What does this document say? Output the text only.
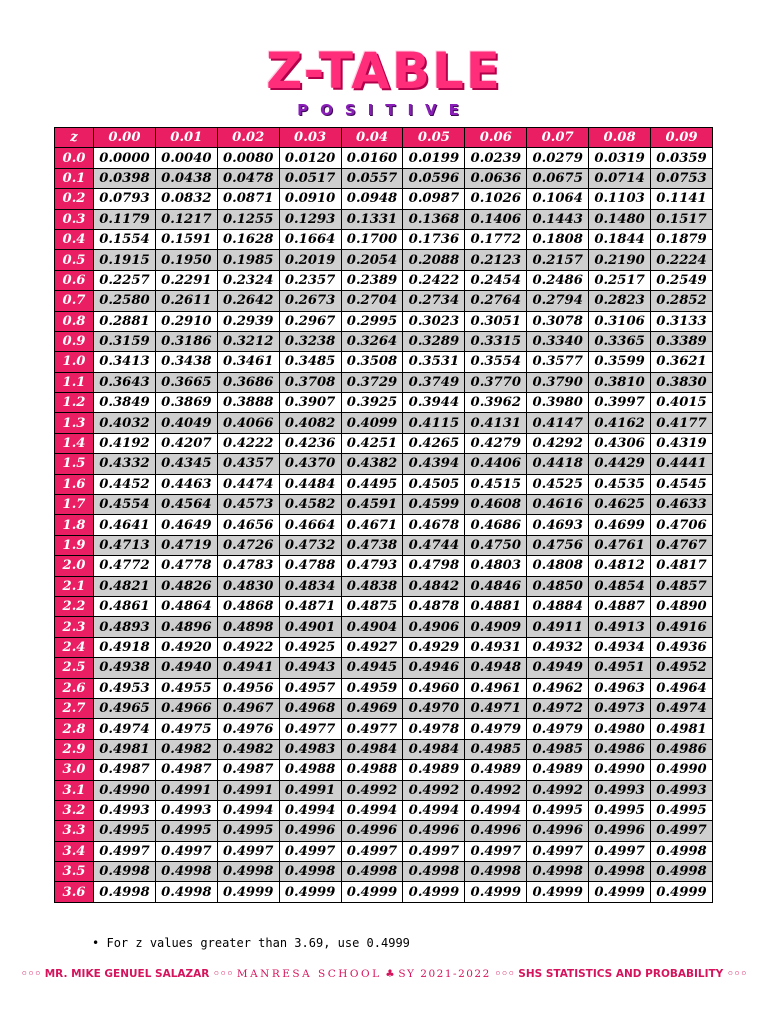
Z-TABLE
POSITIVE
z	0.00	0.01	0.02	0.03	0.04	0.05	0.06	0.07	0.08	0.09
0.0	0.0000	0.0040	0.0080	0.0120	0.0160	0.0199	0.0239	0.0279	0.0319	0.0359
0.1	0.0398	0.0438	0.0478	0.0517	0.0557	0.0596	0.0636	0.0675	0.0714	0.0753
0.2	0.0793	0.0832	0.0871	0.0910	0.0948	0.0987	0.1026	0.1064	0.1103	0.1141
0.3	0.1179	0.1217	0.1255	0.1293	0.1331	0.1368	0.1406	0.1443	0.1480	0.1517
0.4	0.1554	0.1591	0.1628	0.1664	0.1700	0.1736	0.1772	0.1808	0.1844	0.1879
0.5	0.1915	0.1950	0.1985	0.2019	0.2054	0.2088	0.2123	0.2157	0.2190	0.2224
0.6	0.2257	0.2291	0.2324	0.2357	0.2389	0.2422	0.2454	0.2486	0.2517	0.2549
0.7	0.2580	0.2611	0.2642	0.2673	0.2704	0.2734	0.2764	0.2794	0.2823	0.2852
0.8	0.2881	0.2910	0.2939	0.2967	0.2995	0.3023	0.3051	0.3078	0.3106	0.3133
0.9	0.3159	0.3186	0.3212	0.3238	0.3264	0.3289	0.3315	0.3340	0.3365	0.3389
1.0	0.3413	0.3438	0.3461	0.3485	0.3508	0.3531	0.3554	0.3577	0.3599	0.3621
1.1	0.3643	0.3665	0.3686	0.3708	0.3729	0.3749	0.3770	0.3790	0.3810	0.3830
1.2	0.3849	0.3869	0.3888	0.3907	0.3925	0.3944	0.3962	0.3980	0.3997	0.4015
1.3	0.4032	0.4049	0.4066	0.4082	0.4099	0.4115	0.4131	0.4147	0.4162	0.4177
1.4	0.4192	0.4207	0.4222	0.4236	0.4251	0.4265	0.4279	0.4292	0.4306	0.4319
1.5	0.4332	0.4345	0.4357	0.4370	0.4382	0.4394	0.4406	0.4418	0.4429	0.4441
1.6	0.4452	0.4463	0.4474	0.4484	0.4495	0.4505	0.4515	0.4525	0.4535	0.4545
1.7	0.4554	0.4564	0.4573	0.4582	0.4591	0.4599	0.4608	0.4616	0.4625	0.4633
1.8	0.4641	0.4649	0.4656	0.4664	0.4671	0.4678	0.4686	0.4693	0.4699	0.4706
1.9	0.4713	0.4719	0.4726	0.4732	0.4738	0.4744	0.4750	0.4756	0.4761	0.4767
2.0	0.4772	0.4778	0.4783	0.4788	0.4793	0.4798	0.4803	0.4808	0.4812	0.4817
2.1	0.4821	0.4826	0.4830	0.4834	0.4838	0.4842	0.4846	0.4850	0.4854	0.4857
2.2	0.4861	0.4864	0.4868	0.4871	0.4875	0.4878	0.4881	0.4884	0.4887	0.4890
2.3	0.4893	0.4896	0.4898	0.4901	0.4904	0.4906	0.4909	0.4911	0.4913	0.4916
2.4	0.4918	0.4920	0.4922	0.4925	0.4927	0.4929	0.4931	0.4932	0.4934	0.4936
2.5	0.4938	0.4940	0.4941	0.4943	0.4945	0.4946	0.4948	0.4949	0.4951	0.4952
2.6	0.4953	0.4955	0.4956	0.4957	0.4959	0.4960	0.4961	0.4962	0.4963	0.4964
2.7	0.4965	0.4966	0.4967	0.4968	0.4969	0.4970	0.4971	0.4972	0.4973	0.4974
2.8	0.4974	0.4975	0.4976	0.4977	0.4977	0.4978	0.4979	0.4979	0.4980	0.4981
2.9	0.4981	0.4982	0.4982	0.4983	0.4984	0.4984	0.4985	0.4985	0.4986	0.4986
3.0	0.4987	0.4987	0.4987	0.4988	0.4988	0.4989	0.4989	0.4989	0.4990	0.4990
3.1	0.4990	0.4991	0.4991	0.4991	0.4992	0.4992	0.4992	0.4992	0.4993	0.4993
3.2	0.4993	0.4993	0.4994	0.4994	0.4994	0.4994	0.4994	0.4995	0.4995	0.4995
3.3	0.4995	0.4995	0.4995	0.4996	0.4996	0.4996	0.4996	0.4996	0.4996	0.4997
3.4	0.4997	0.4997	0.4997	0.4997	0.4997	0.4997	0.4997	0.4997	0.4997	0.4998
3.5	0.4998	0.4998	0.4998	0.4998	0.4998	0.4998	0.4998	0.4998	0.4998	0.4998
3.6	0.4998	0.4998	0.4999	0.4999	0.4999	0.4999	0.4999	0.4999	0.4999	0.4999
• For z values greater than 3.69, use 0.4999
◦◦◦ MR. MIKE GENUEL SALAZAR ◦◦◦ MANRESA SCHOOL ♣ SY 2021-2022 ◦◦◦ SHS STATISTICS AND PROBABILITY ◦◦◦
